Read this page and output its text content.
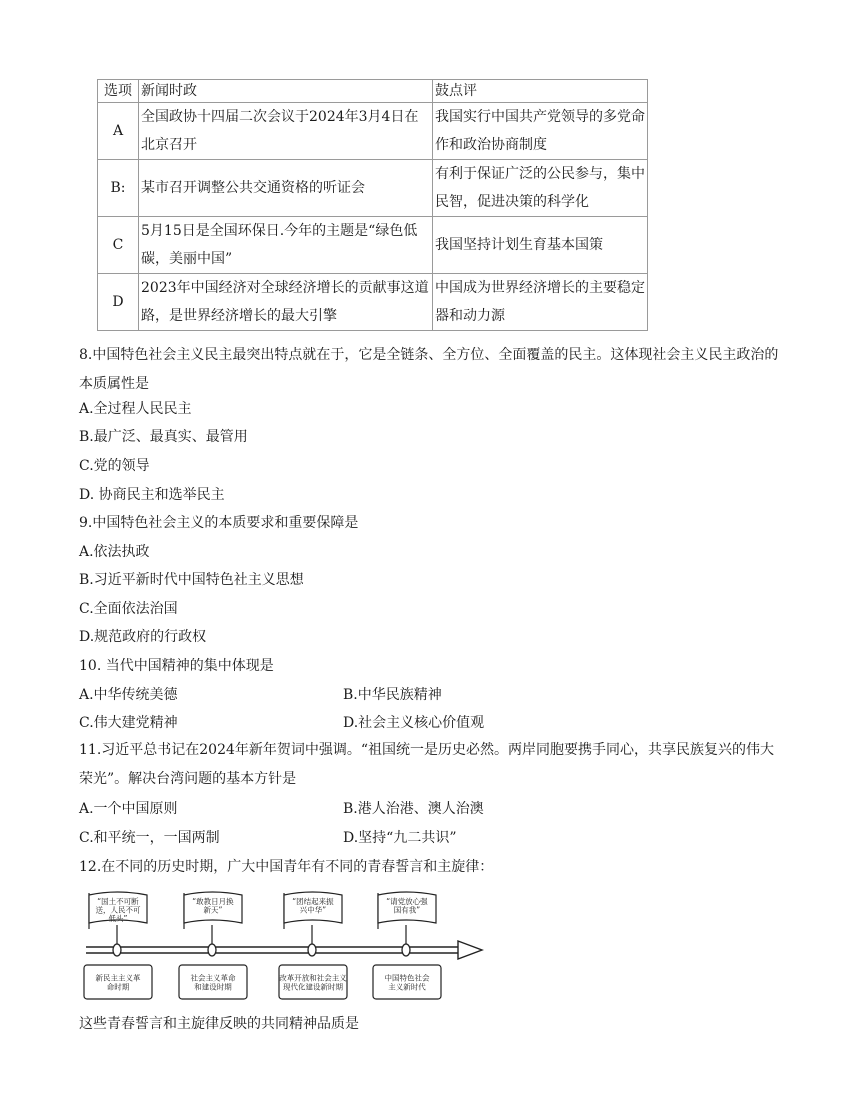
选项	新闻时政	鼓点评
A	全国政协十四届二次会议于2024年3月4日在北京召开	我国实行中国共产党领导的多党命作和政治协商制度
B:	某市召开调整公共交通资格的听证会	有利于保证广泛的公民参与，集中民智，促进决策的科学化
C	5月15日是全国环保日.今年的主题是“绿色低碳，美丽中国”	我国坚持计划生育基本国策
D	2023年中国经济对全球经济增长的贡献事这道路，是世界经济增长的最大引擎	中国成为世界经济增长的主要稳定器和动力源
8.中国特色社会主义民主最突出特点就在于，它是全链条、全方位、全面覆盖的民主。这体现社会主义民主政治的本质属性是
A.全过程人民民主
B.最广泛、最真实、最管用
C.党的领导
D. 协商民主和选举民主
9.中国特色社会主义的本质要求和重要保障是
A.依法执政
B.习近平新时代中国特色社主义思想
C.全面依法治国
D.规范政府的行政权
10. 当代中国精神的集中体现是
A.中华传统美德	B.中华民族精神
C.伟大建党精神	D.社会主义核心价值观
11.习近平总书记在2024年新年贺词中强调。“祖国统一是历史必然。两岸同胞要携手同心，共享民族复兴的伟大荣光”。解决台湾问题的基本方针是
A.一个中国原则	B.港人治港、澳人治澳
C.和平统一，一国两制	D.坚持“九二共识”
12.在不同的历史时期，广大中国青年有不同的青春誓言和主旋律：
“国土不可断
送，人民不可
低头”
“敢教日月换
新天”
“团结起来振
兴中华”
“请党放心强
国有我”
新民主主义革
命时期
社会主义革命
和建设时期
改革开放和社会主义
现代化建设新时期
中国特色社会
主义新时代
这些青春誓言和主旋律反映的共同精神品质是
